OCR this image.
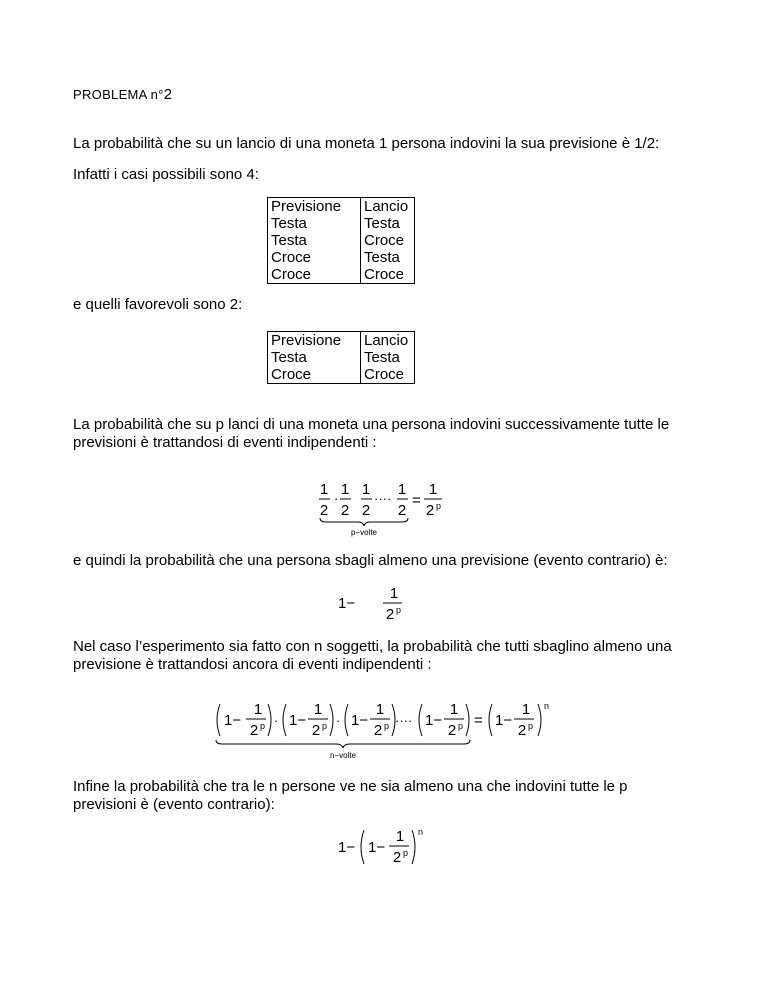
PROBLEMA n°2

La probabilità che su un lancio di una moneta 1 persona indovini la sua previsione è 1/2:

Infatti i casi possibili sono 4:

Previsione	Lancio
Testa	Testa
Testa	Croce
Croce	Testa
Croce	Croce

e quelli favorevoli sono 2:

Previsione	Lancio
Testa	Testa
Croce	Croce

La probabilità che su p lanci di una moneta una persona indovini successivamente tutte le

previsioni è trattandosi di eventi indipendenti :

1
2
·
1
2
1
2
····
1
2
=
1
2 p
p−volte

e quindi la probabilità che una persona sbagli almeno una previsione (evento contrario) è:

1−
1
2 p

Nel caso l’esperimento sia fatto con n soggetti, la probabilità che tutti sbaglino almeno una

previsione è trattandosi ancora di eventi indipendenti :

1−
1
2 p · 1−
1
2 p · 1−
1
2 p ···· 1−
1
2 p = 1−
1
2 p
n
n−volte

Infine la probabilità che tra le n persone ve ne sia almeno una che indovini tutte le p

previsioni è (evento contrario):

1− 1−
1
2 p
n
